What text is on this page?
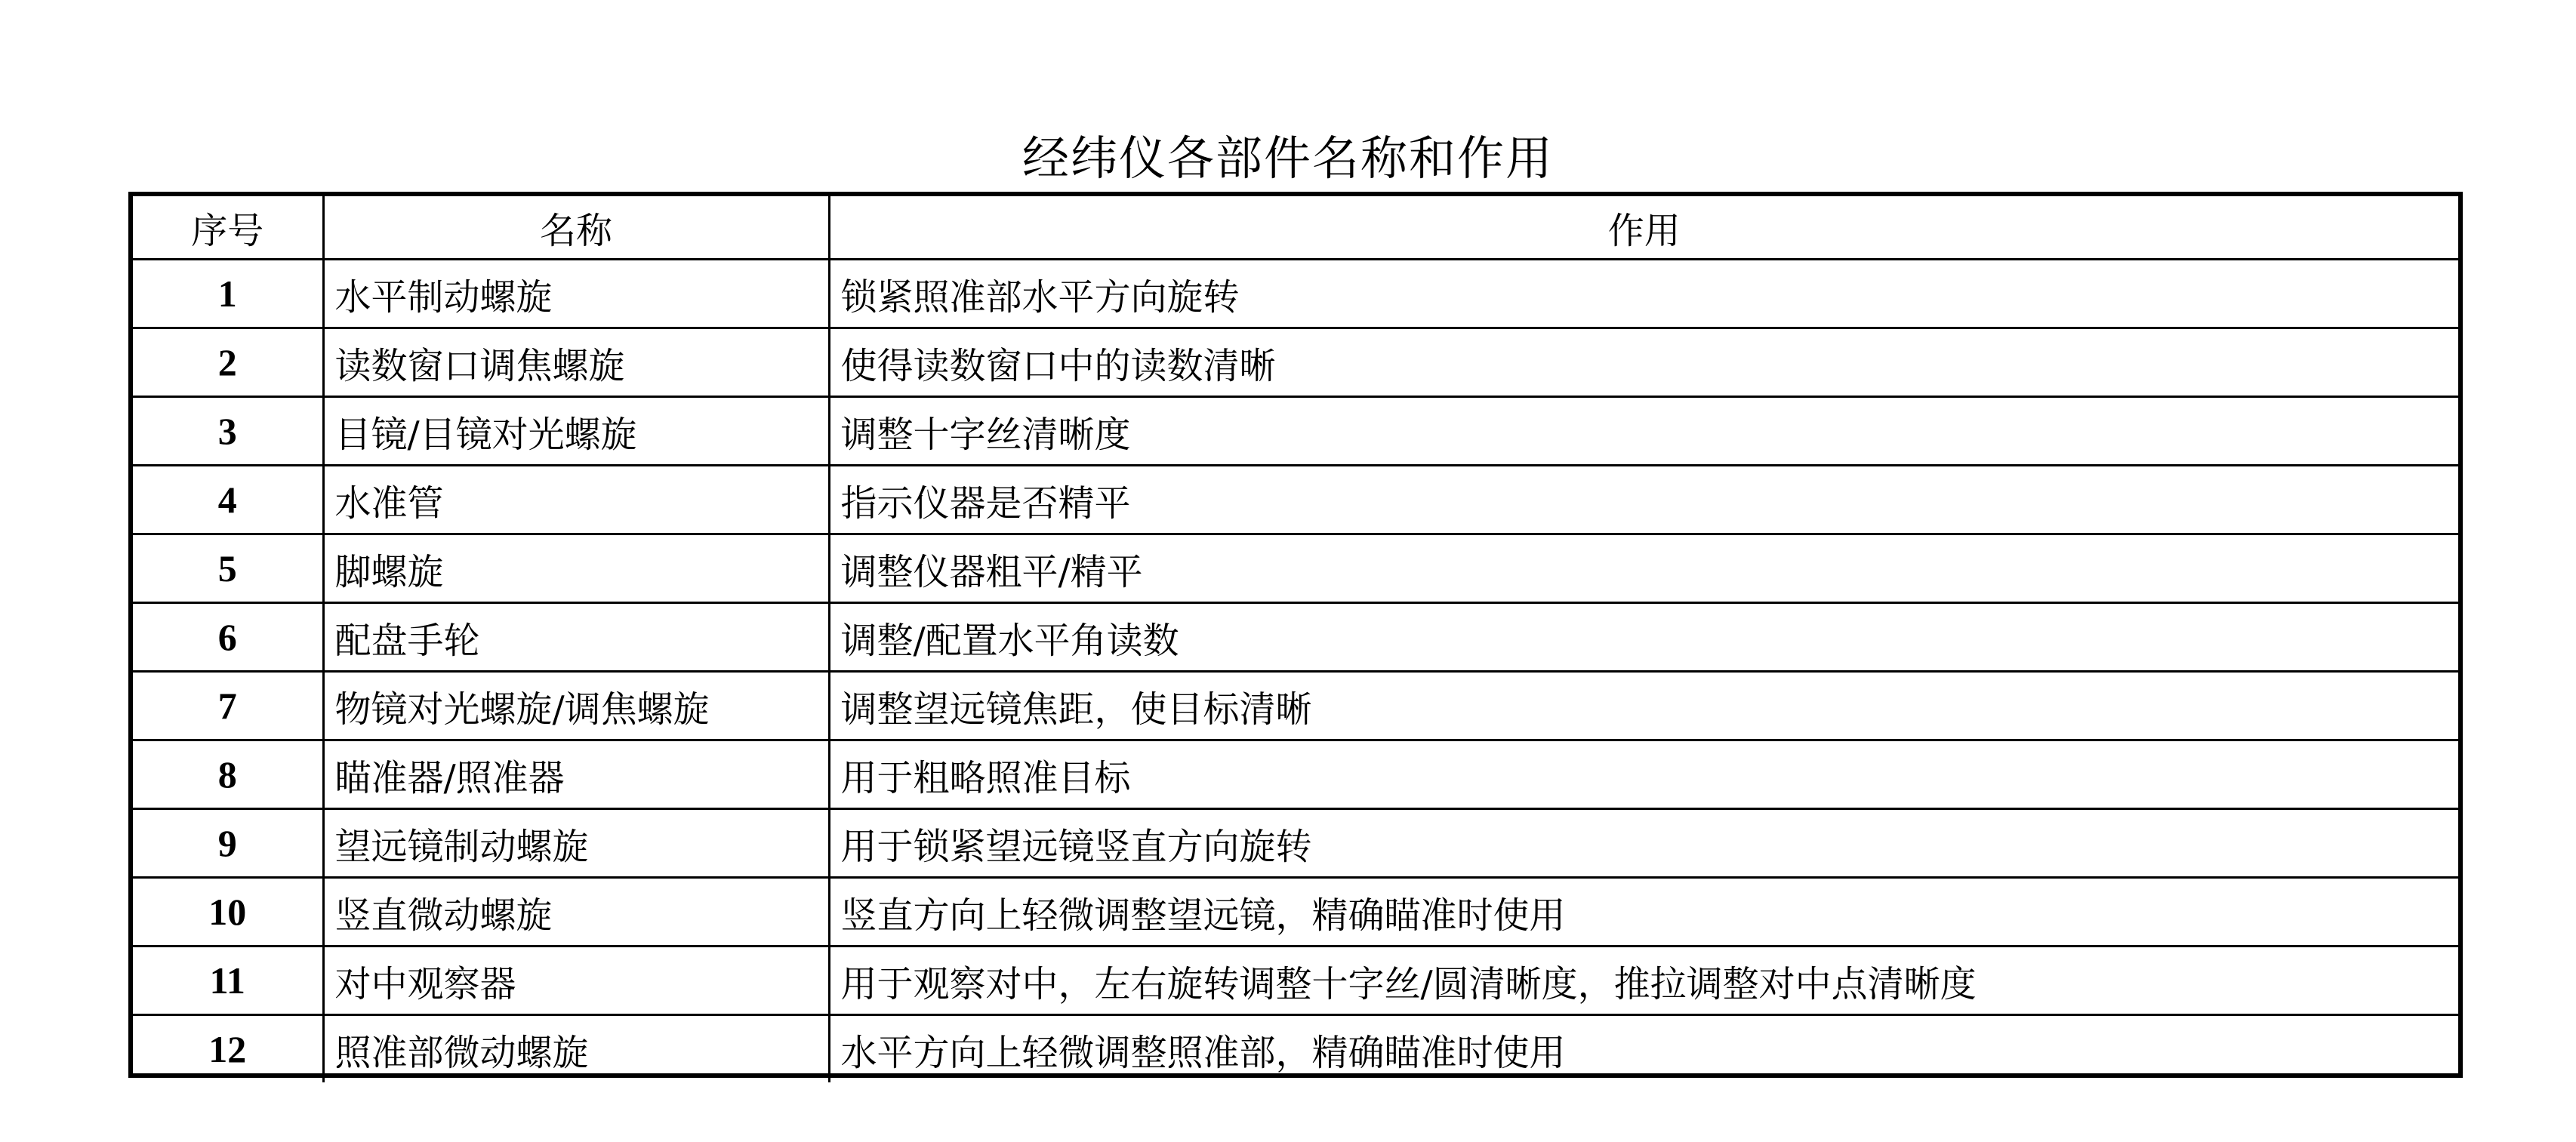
经纬仪各部件名称和作用
序号	名称	作用
1	水平制动螺旋	锁紧照准部水平方向旋转
2	读数窗口调焦螺旋	使得读数窗口中的读数清晰
3	目镜/目镜对光螺旋	调整十字丝清晰度
4	水准管	指示仪器是否精平
5	脚螺旋	调整仪器粗平/精平
6	配盘手轮	调整/配置水平角读数
7	物镜对光螺旋/调焦螺旋	调整望远镜焦距，使目标清晰
8	瞄准器/照准器	用于粗略照准目标
9	望远镜制动螺旋	用于锁紧望远镜竖直方向旋转
10	竖直微动螺旋	竖直方向上轻微调整望远镜，精确瞄准时使用
11	对中观察器	用于观察对中，左右旋转调整十字丝/圆清晰度，推拉调整对中点清晰度
12	照准部微动螺旋	水平方向上轻微调整照准部，精确瞄准时使用
